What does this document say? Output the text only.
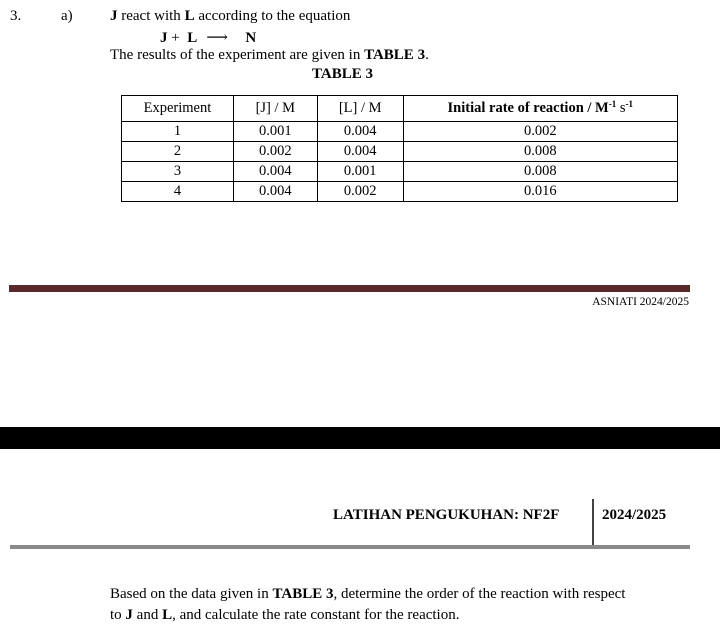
3.	a) J react with L according to the equation
J + L ⟶ N
The results of the experiment are given in TABLE 3.
TABLE 3
Experiment	[J] / M	[L] / M	Initial rate of reaction / $M^{-1}$ $s^{-1}$
1	0.001	0.004	0.002
2	0.002	0.004	0.008
3	0.004	0.001	0.008
4	0.004	0.002	0.016
ASNIATI 2024/2025
LATIHAN PENGUKUHAN: NF2F	2024/2025
Based on the data given in TABLE 3, determine the order of the reaction with respect
to J and L, and calculate the rate constant for the reaction.
